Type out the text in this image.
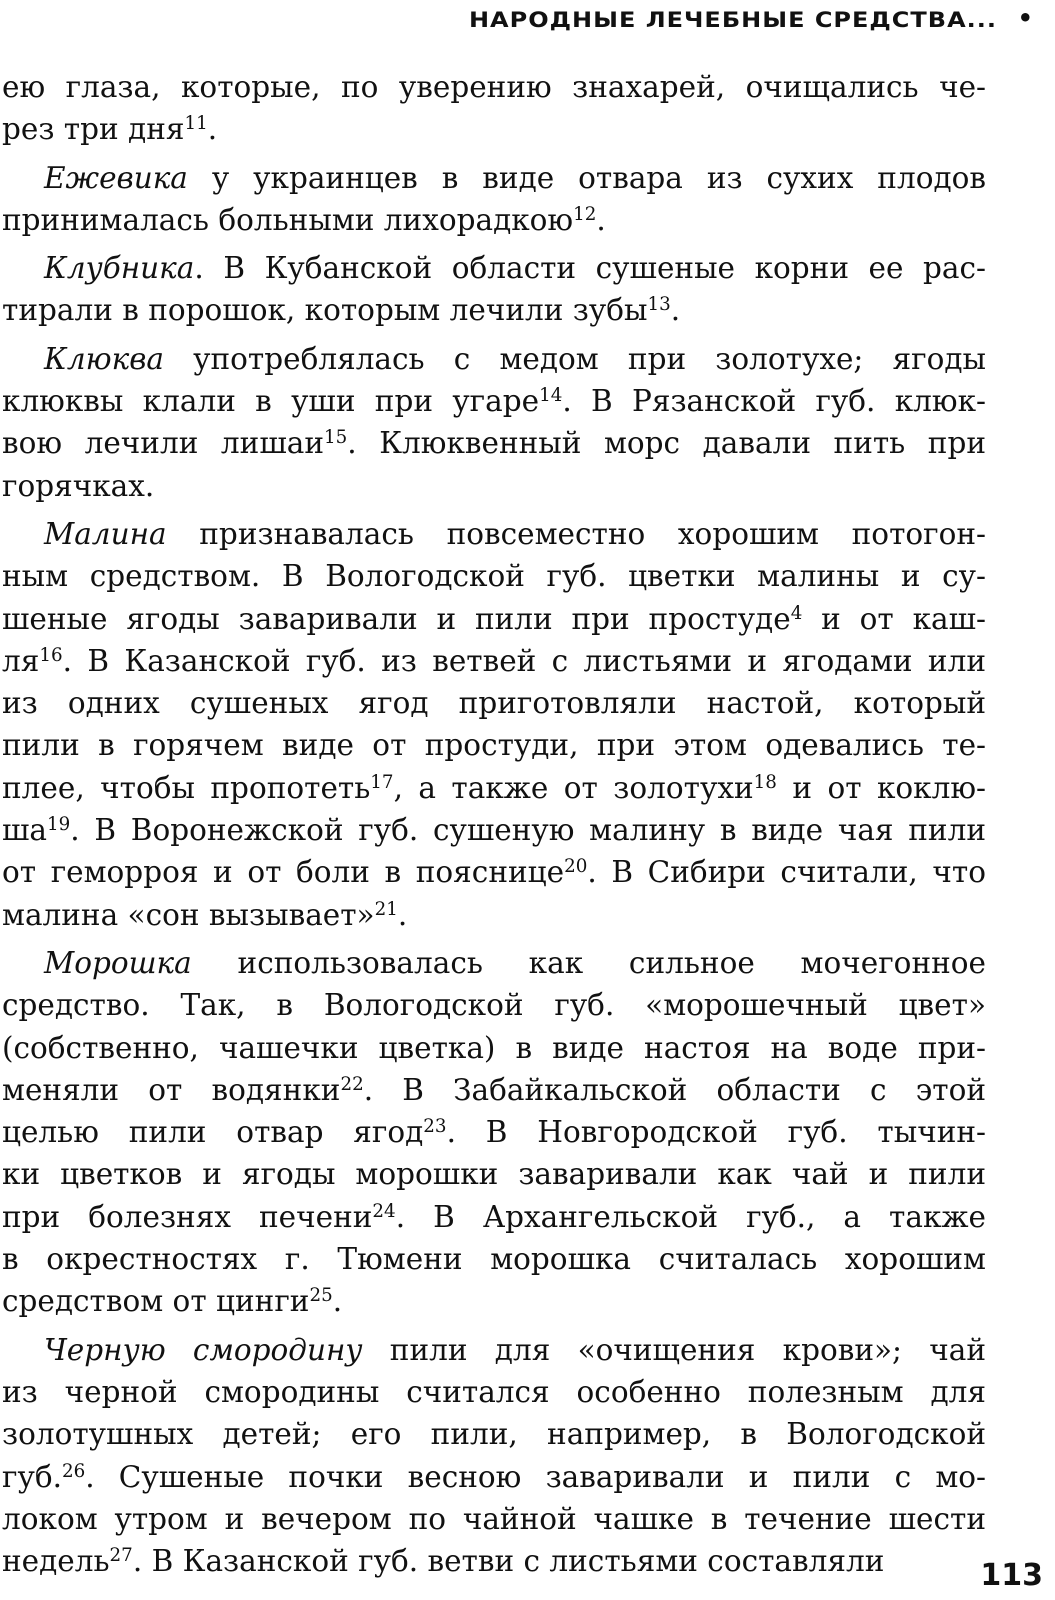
НАРОДНЫЕ ЛЕЧЕБНЫЕ СРЕДСТВА... •
ею глаза, которые, по уверению знахарей, очищались че-
рез три дня$^{11}$.
Ежевика у украинцев в виде отвара из сухих плодов
принималась больными лихорадкою$^{12}$.
Клубника. В Кубанской области сушеные корни ее рас-
тирали в порошок, которым лечили зубы$^{13}$.
Клюква употреблялась с медом при золотухе; ягоды
клюквы клали в уши при угаре$^{14}$. В Рязанской губ. клюк-
вою лечили лишаи$^{15}$. Клюквенный морс давали пить при
горячках.
Малина признавалась повсеместно хорошим потогон-
ным средством. В Вологодской губ. цветки малины и су-
шеные ягоды заваривали и пили при простуде$^4$ и от каш-
$ля^{16}$. В Казанской губ. из ветвей с листьями и ягодами или
из одних сушеных ягод приготовляли настой, который
пили в горячем виде от простуди, при этом одевались те-
плее, чтобы пропотеть$^{17}$, а также от золотухи$^{18}$ и от коклю-
$ша^{19}$. В Воронежской губ. сушеную малину в виде чая пили
от геморроя и от боли в пояснице$^{20}$. В Сибири считали, что
малина «сон вызывает»$^{21}$.
Морошка использовалась как сильное мочегонное
средство. Так, в Вологодской губ. «морошечный цвет»
(собственно, чашечки цветка) в виде настоя на воде при-
меняли от водянки$^{22}$. В Забайкальской области с этой
целью пили отвар ягод$^{23}$. В Новгородской губ. тычин-
ки цветков и ягоды морошки заваривали как чай и пили
при болезнях печени$^{24}$. В Архангельской губ., а также
в окрестностях г. Тюмени морошка считалась хорошим
средством от цинги$^{25}$.
Черную смородину пили для «очищения крови»; чай
из черной смородины считался особенно полезным для
золотушных детей; его пили, например, в Вологодской
губ.$^{26}$. Сушеные почки весною заваривали и пили с мо-
локом утром и вечером по чайной чашке в течение шести
недель$^{27}$. В Казанской губ. ветви с листьями составляли	113
